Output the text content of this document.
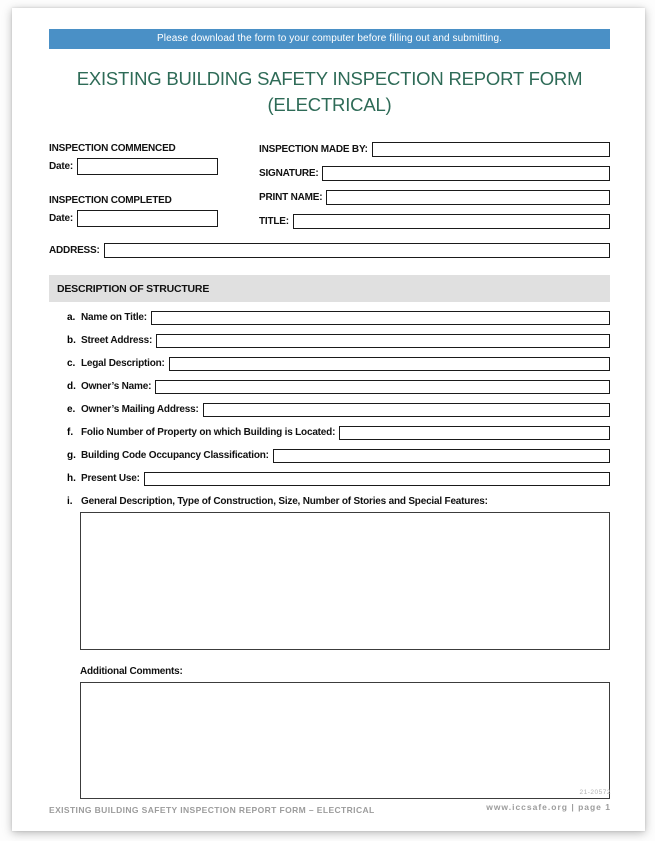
Please download the form to your computer before filling out and submitting.
EXISTING BUILDING SAFETY INSPECTION REPORT FORM
(ELECTRICAL)
INSPECTION COMMENCED
Date:
INSPECTION COMPLETED
Date:
INSPECTION MADE BY:
SIGNATURE:
PRINT NAME:
TITLE:
ADDRESS:
DESCRIPTION OF STRUCTURE
a. Name on Title:
b. Street Address:
c. Legal Description:
d. Owner’s Name:
e. Owner’s Mailing Address:
f. Folio Number of Property on which Building is Located:
g. Building Code Occupancy Classification:
h. Present Use:
i. General Description, Type of Construction, Size, Number of Stories and Special Features:
Additional Comments:
EXISTING BUILDING SAFETY INSPECTION REPORT FORM – ELECTRICAL
21-20572
www.iccsafe.org | page 1
